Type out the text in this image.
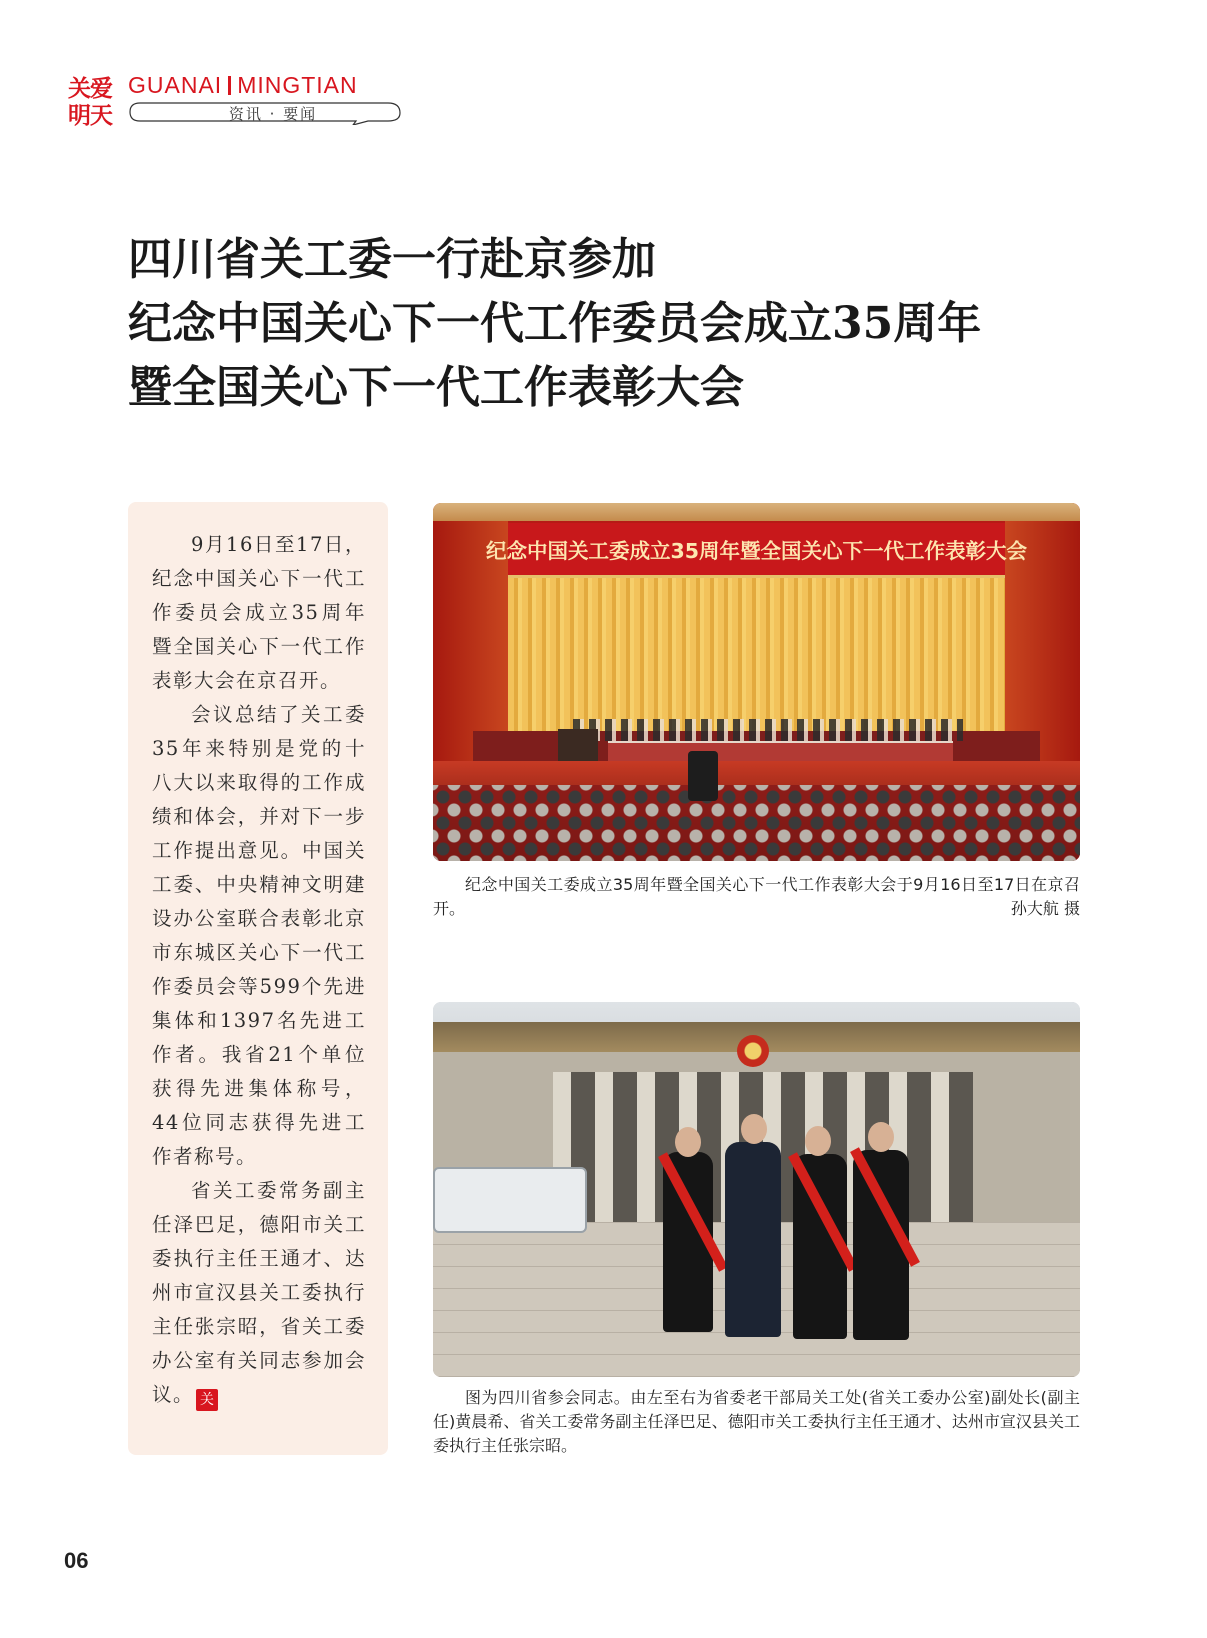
关爱
明天
GUANAI MINGTIAN
资讯 · 要闻
四川省关工委一行赴京参加
纪念中国关心下一代工作委员会成立35周年
暨全国关心下一代工作表彰大会

9月16日至17日，纪念中国关心下一代工作委员会成立35周年暨全国关心下一代工作表彰大会在京召开。

会议总结了关工委35年来特别是党的十八大以来取得的工作成绩和体会，并对下一步工作提出意见。中国关工委、中央精神文明建设办公室联合表彰北京市东城区关心下一代工作委员会等599个先进集体和1397名先进工作者。我省21个单位获得先进集体称号，44位同志获得先进工作者称号。

省关工委常务副主任泽巴足，德阳市关工委执行主任王通才、达州市宣汉县关工委执行主任张宗昭，省关工委办公室有关同志参加会议。 关

纪念中国关工委成立35周年暨全国关心下一代工作表彰大会

纪念中国关工委成立35周年暨全国关心下一代工作表彰大会于9月16日至17日在京召开。	孙大航 摄

图为四川省参会同志。由左至右为省委老干部局关工处(省关工委办公室)副处长(副主任)黄晨希、省关工委常务副主任泽巴足、德阳市关工委执行主任王通才、达州市宣汉县关工委执行主任张宗昭。

06
